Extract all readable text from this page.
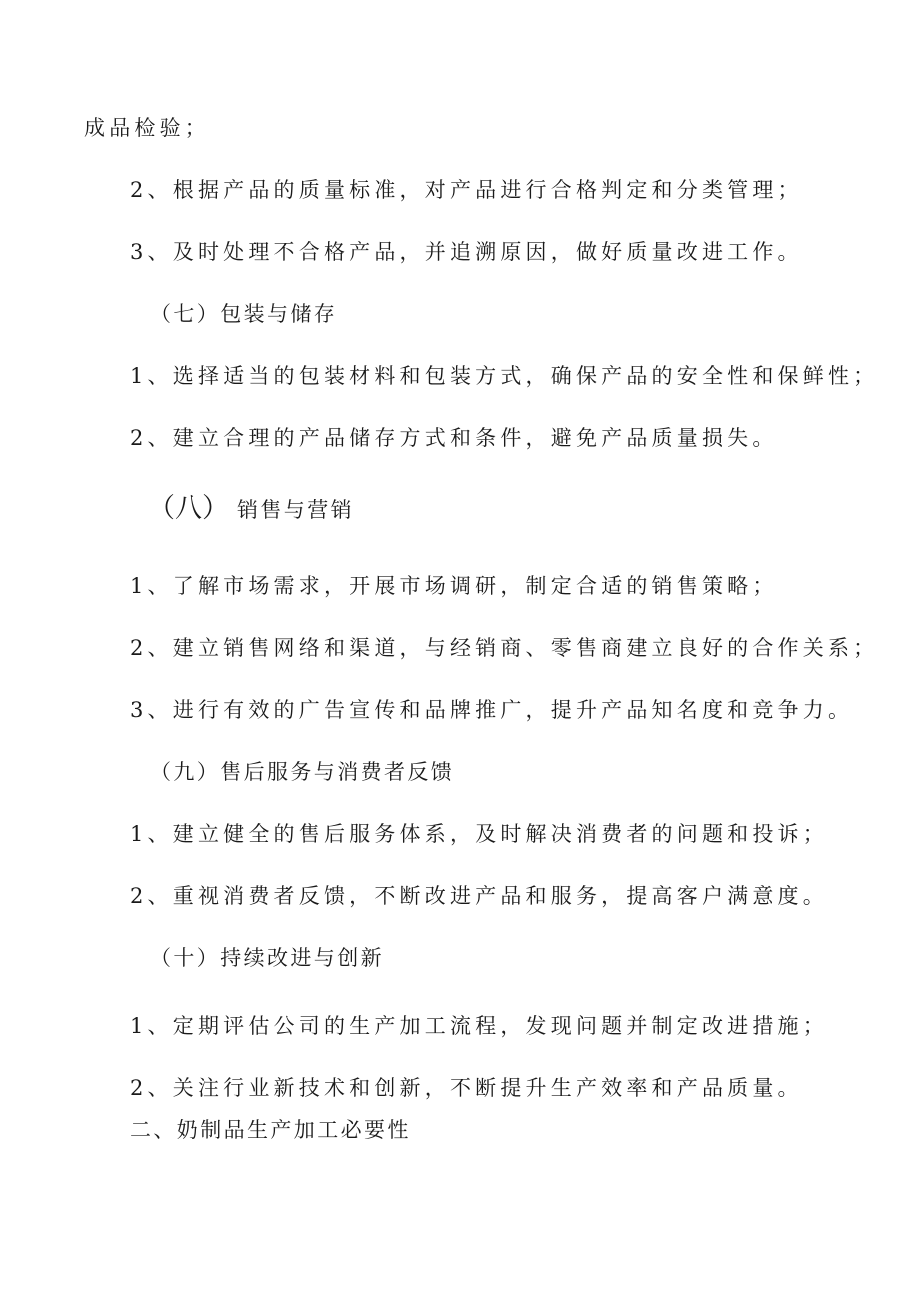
成品检验；
2、根据产品的质量标准，对产品进行合格判定和分类管理；
3、及时处理不合格产品，并追溯原因，做好质量改进工作。
（七）包装与储存
1、选择适当的包装材料和包装方式，确保产品的安全性和保鲜性；
2、建立合理的产品储存方式和条件，避免产品质量损失。
（八） 销售与营销
1、了解市场需求，开展市场调研，制定合适的销售策略；
2、建立销售网络和渠道，与经销商、零售商建立良好的合作关系；
3、进行有效的广告宣传和品牌推广，提升产品知名度和竞争力。
（九）售后服务与消费者反馈
1、建立健全的售后服务体系，及时解决消费者的问题和投诉；
2、重视消费者反馈，不断改进产品和服务，提高客户满意度。
（十）持续改进与创新
1、定期评估公司的生产加工流程，发现问题并制定改进措施；
2、关注行业新技术和创新，不断提升生产效率和产品质量。
二、奶制品生产加工必要性
